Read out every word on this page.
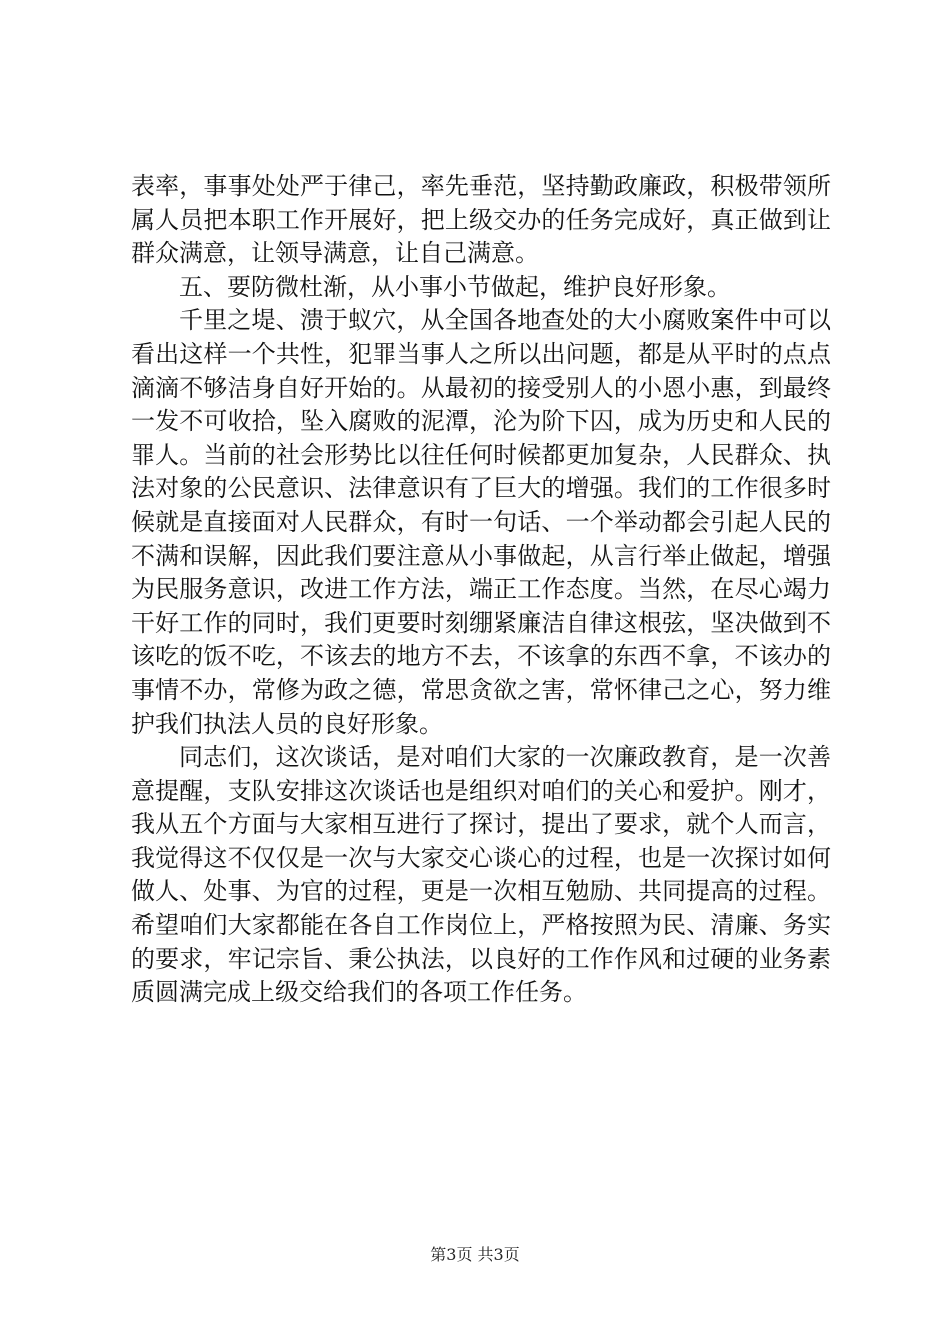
表率，事事处处严于律己，率先垂范，坚持勤政廉政，积极带领所属人员把本职工作开展好，把上级交办的任务完成好，真正做到让群众满意，让领导满意，让自己满意。

五、要防微杜渐，从小事小节做起，维护良好形象。

千里之堤、溃于蚁穴，从全国各地查处的大小腐败案件中可以看出这样一个共性，犯罪当事人之所以出问题，都是从平时的点点滴滴不够洁身自好开始的。从最初的接受别人的小恩小惠，到最终一发不可收拾，坠入腐败的泥潭，沦为阶下囚，成为历史和人民的罪人。当前的社会形势比以往任何时候都更加复杂，人民群众、执法对象的公民意识、法律意识有了巨大的增强。我们的工作很多时候就是直接面对人民群众，有时一句话、一个举动都会引起人民的不满和误解，因此我们要注意从小事做起，从言行举止做起，增强为民服务意识，改进工作方法，端正工作态度。当然，在尽心竭力干好工作的同时，我们更要时刻绷紧廉洁自律这根弦，坚决做到不该吃的饭不吃，不该去的地方不去，不该拿的东西不拿，不该办的事情不办，常修为政之德，常思贪欲之害，常怀律己之心，努力维护我们执法人员的良好形象。

同志们，这次谈话，是对咱们大家的一次廉政教育，是一次善意提醒，支队安排这次谈话也是组织对咱们的关心和爱护。刚才，我从五个方面与大家相互进行了探讨，提出了要求，就个人而言，我觉得这不仅仅是一次与大家交心谈心的过程，也是一次探讨如何做人、处事、为官的过程，更是一次相互勉励、共同提高的过程。希望咱们大家都能在各自工作岗位上，严格按照为民、清廉、务实的要求，牢记宗旨、秉公执法，以良好的工作作风和过硬的业务素质圆满完成上级交给我们的各项工作任务。

第3页 共3页
